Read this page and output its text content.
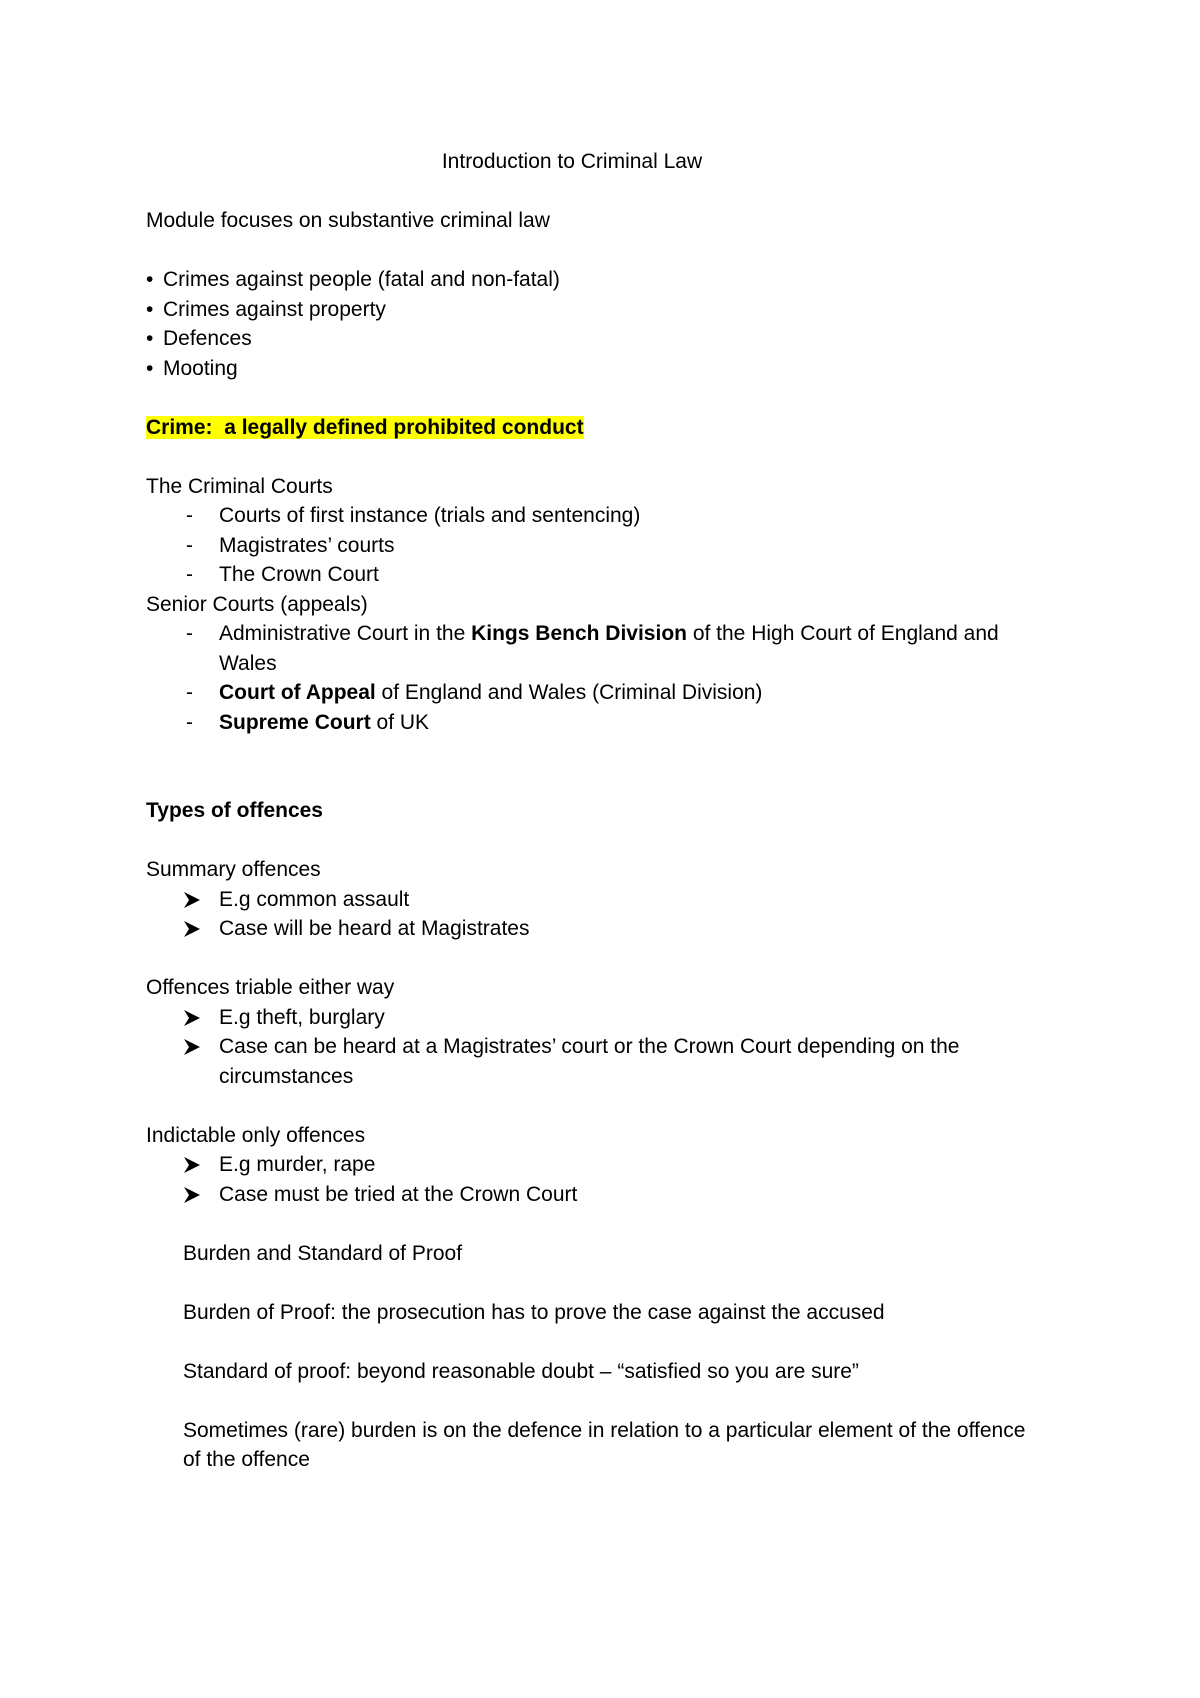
Introduction to Criminal Law

Module focuses on substantive criminal law

• Crimes against people (fatal and non-fatal)
• Crimes against property
• Defences
• Mooting

Crime:  a legally defined prohibited conduct

The Criminal Courts

- Courts of first instance (trials and sentencing)
- Magistrates’ courts
- The Crown Court

Senior Courts (appeals)

- Administrative Court in the Kings Bench Division of the High Court of England and Wales
- Court of Appeal of England and Wales (Criminal Division)
- Supreme Court of UK

Types of offences

Summary offences

E.g common assault
Case will be heard at Magistrates

Offences triable either way

E.g theft, burglary
Case can be heard at a Magistrates’ court or the Crown Court depending on the circumstances

Indictable only offences

E.g murder, rape
Case must be tried at the Crown Court

Burden and Standard of Proof

Burden of Proof: the prosecution has to prove the case against the accused

Standard of proof: beyond reasonable doubt – “satisfied so you are sure”

Sometimes (rare) burden is on the defence in relation to a particular element of the offence of the offence
